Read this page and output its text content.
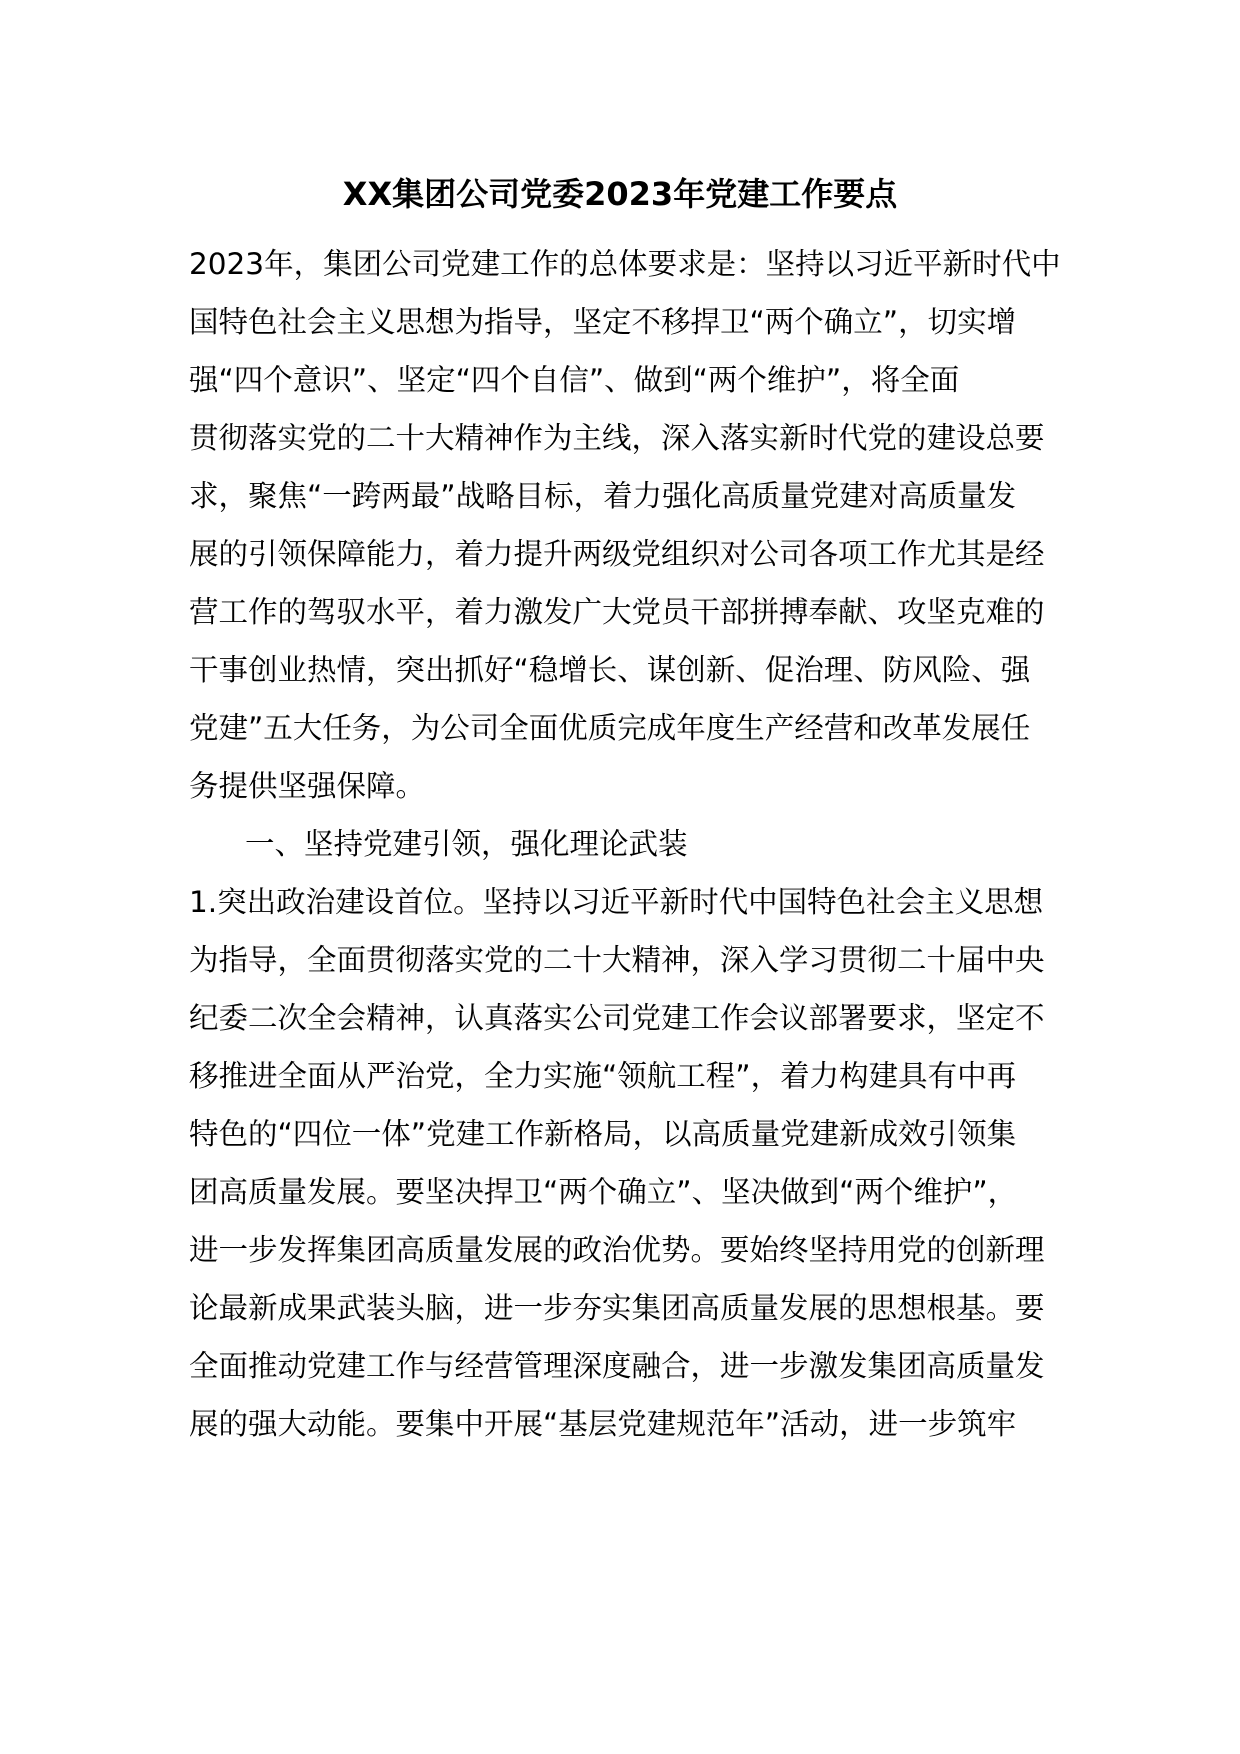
XX集团公司党委2023年党建工作要点
2023年，集团公司党建工作的总体要求是：坚持以习近平新时代中
国特色社会主义思想为指导，坚定不移捍卫“两个确立”，切实增
强“四个意识”、坚定“四个自信”、做到“两个维护”，将全面
贯彻落实党的二十大精神作为主线，深入落实新时代党的建设总要
求，聚焦“一跨两最”战略目标，着力强化高质量党建对高质量发
展的引领保障能力，着力提升两级党组织对公司各项工作尤其是经
营工作的驾驭水平，着力激发广大党员干部拼搏奉献、攻坚克难的
干事创业热情，突出抓好“稳增长、谋创新、促治理、防风险、强
党建”五大任务，为公司全面优质完成年度生产经营和改革发展任
务提供坚强保障。
一、坚持党建引领，强化理论武装
1.突出政治建设首位。坚持以习近平新时代中国特色社会主义思想
为指导，全面贯彻落实党的二十大精神，深入学习贯彻二十届中央
纪委二次全会精神，认真落实公司党建工作会议部署要求，坚定不
移推进全面从严治党，全力实施“领航工程”，着力构建具有中再
特色的“四位一体”党建工作新格局，以高质量党建新成效引领集
团高质量发展。要坚决捍卫“两个确立”、坚决做到“两个维护”，
进一步发挥集团高质量发展的政治优势。要始终坚持用党的创新理
论最新成果武装头脑，进一步夯实集团高质量发展的思想根基。要
全面推动党建工作与经营管理深度融合，进一步激发集团高质量发
展的强大动能。要集中开展“基层党建规范年”活动，进一步筑牢
